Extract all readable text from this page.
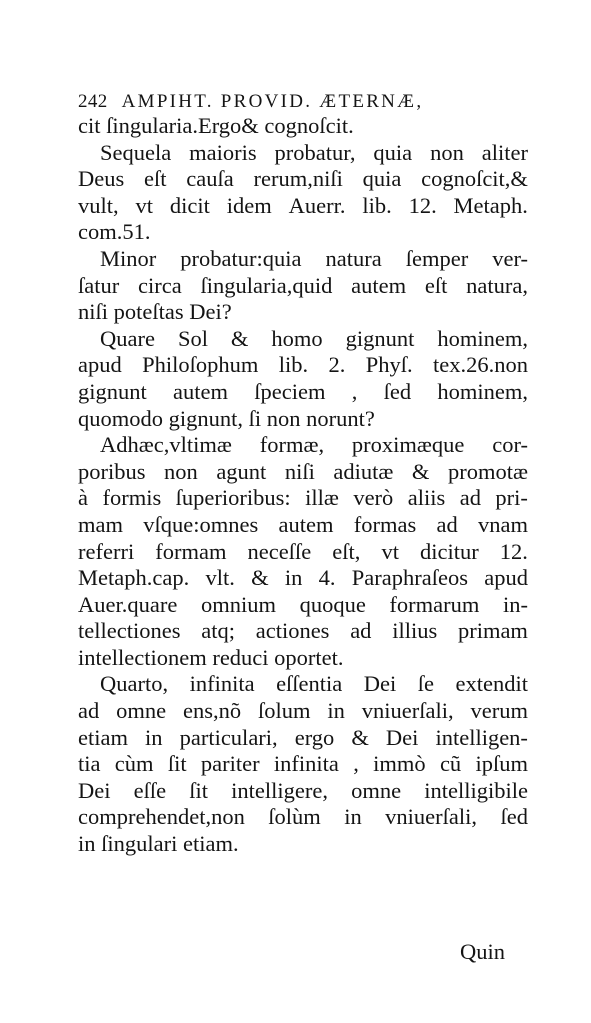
242 AMPIHT. PROVID. ÆTERNÆ,
cit ſingularia.Ergo& cognoſcit.
Sequela maioris probatur, quia non aliter
Deus eſt cauſa rerum,niſi quia cognoſcit,&
vult, vt dicit idem Auerr. lib. 12. Metaph.
com.51.
Minor probatur:quia natura ſemper ver-
ſatur circa ſingularia,quid autem eſt natura,
niſi poteſtas Dei?
Quare Sol & homo gignunt hominem,
apud Philoſophum lib. 2. Phyſ. tex.26.non
gignunt autem ſpeciem , ſed hominem,
quomodo gignunt, ſi non norunt?
Adhæc,vltimæ formæ, proximæque cor-
poribus non agunt niſi adiutæ & promotæ
à formis ſuperioribus: illæ verò aliis ad pri-
mam vſque:omnes autem formas ad vnam
referri formam neceſſe eſt, vt dicitur 12.
Metaph.cap. vlt. & in 4. Paraphraſeos apud
Auer.quare omnium quoque formarum in-
tellectiones atq; actiones ad illius primam
intellectionem reduci oportet.
Quarto, infinita eſſentia Dei ſe extendit
ad omne ens,nõ ſolum in vniuerſali, verum
etiam in particulari, ergo & Dei intelligen-
tia cùm ſit pariter infinita , immò cũ ipſum
Dei eſſe ſit intelligere, omne intelligibile
comprehendet,non ſolùm in vniuerſali, ſed
in ſingulari etiam.
Quin
